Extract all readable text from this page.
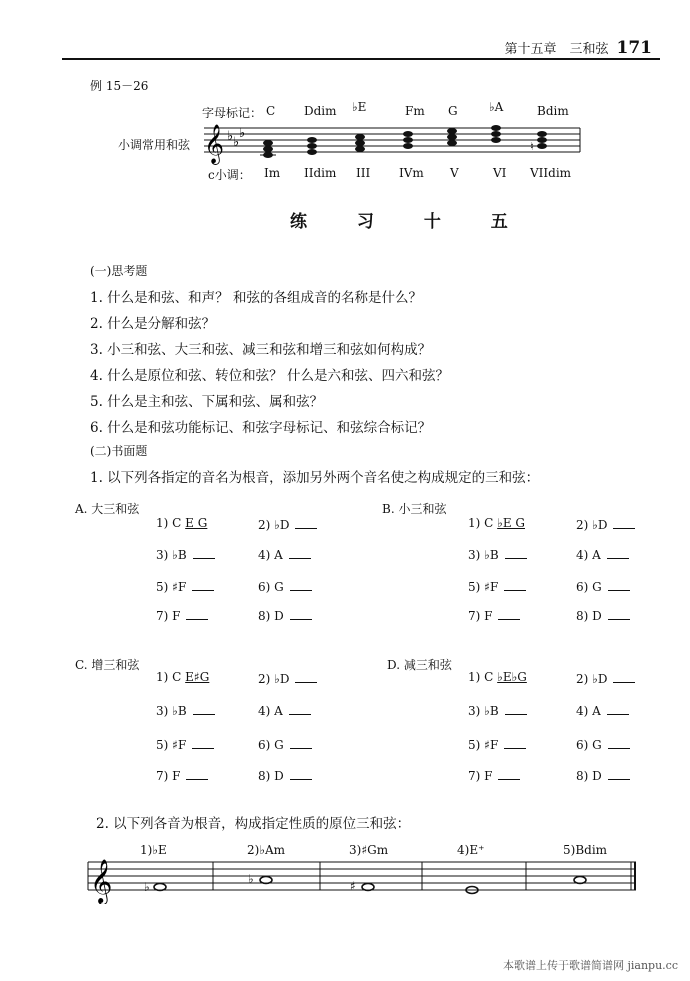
第十五章　三和弦 171
例 15－26
字母标记：
小调常用和弦
c小调：
C Ddim ♭E	Fm G	♭A	Bdim
𝄞 ♭ ♭
♭
♮
Im IIdim III IVm V	VI VIIdim
练 习 十 五
(一)思考题
1. 什么是和弦、和声？ 和弦的各组成音的名称是什么？
2. 什么是分解和弦？
3. 小三和弦、大三和弦、减三和弦和增三和弦如何构成？
4. 什么是原位和弦、转位和弦？ 什么是六和弦、四六和弦？
5. 什么是主和弦、下属和弦、属和弦？
6. 什么是和弦功能标记、和弦字母标记、和弦综合标记？
(二)书面题
1. 以下列各指定的音名为根音，添加另外两个音名使之构成规定的三和弦：
A. 大三和弦
1) C E G	2) ♭D
3) ♭B	4) A
5) ♯F	6) G
7) F	8) D
B. 小三和弦
1) C ♭E G	2) ♭D
3) ♭B	4) A
5) ♯F	6) G
7) F	8) D
C. 增三和弦
1) C E♯G	2) ♭D
3) ♭B	4) A
5) ♯F	6) G
7) F	8) D
D. 减三和弦
1) C ♭E♭G	2) ♭D
3) ♭B	4) A
5) ♯F	6) G
7) F	8) D
2. 以下列各音为根音，构成指定性质的原位三和弦：
1)♭E	2)♭Am	3)♯Gm	4)E⁺	5)Bdim
𝄞	♭
♭	♯
本歌谱上传于歌谱简谱网 jianpu.cc
